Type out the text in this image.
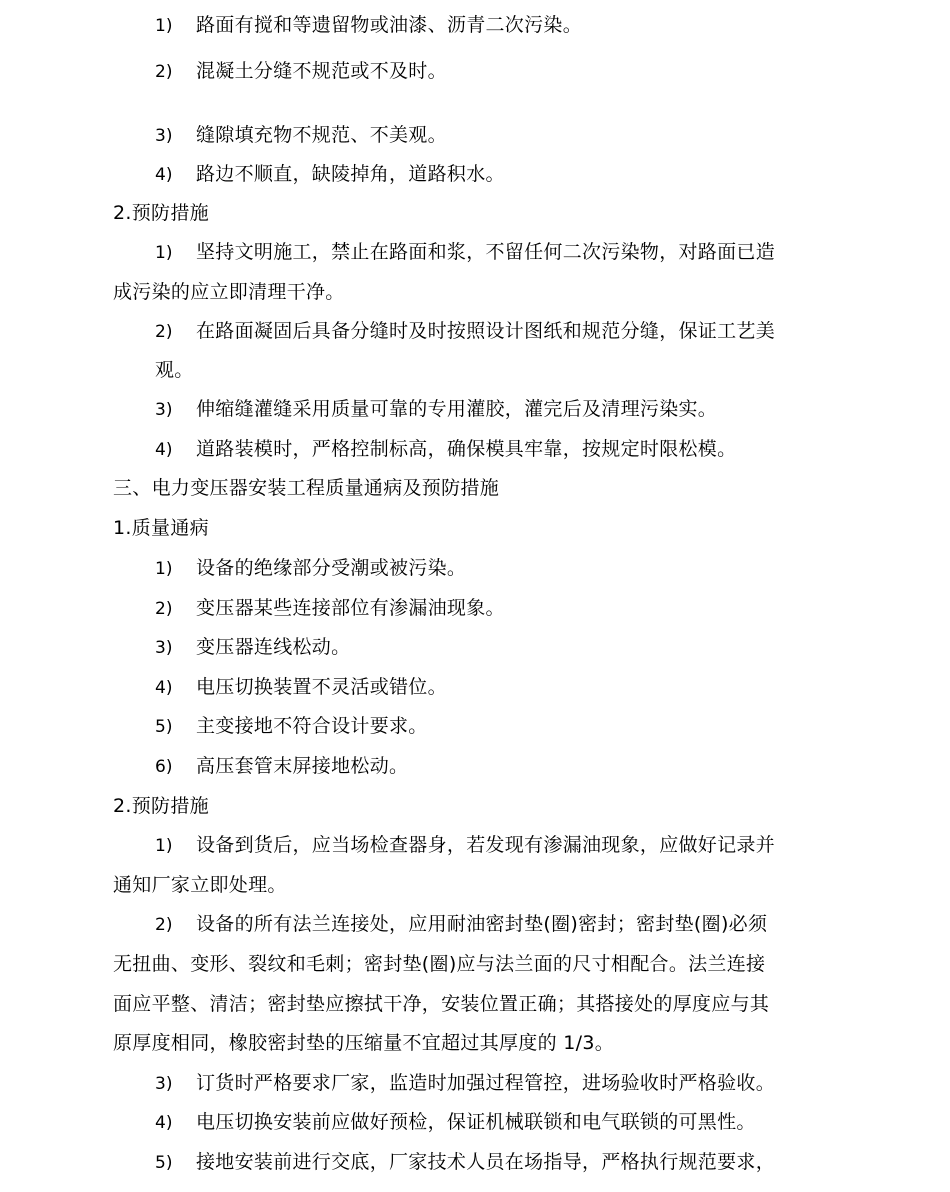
1) 路面有搅和等遗留物或油漆、沥青二次污染。
2) 混凝土分缝不规范或不及时。
3) 缝隙填充物不规范、不美观。
4) 路边不顺直，缺陵掉角，道路积水。
2.预防措施
1) 坚持文明施工，禁止在路面和浆，不留任何二次污染物，对路面已造
成污染的应立即清理干净。
2) 在路面凝固后具备分缝时及时按照设计图纸和规范分缝，保证工艺美
观。
3) 伸缩缝灌缝采用质量可靠的专用灌胶，灌完后及清理污染实。
4) 道路装模时，严格控制标高，确保模具牢靠，按规定时限松模。
三、电力变压器安装工程质量通病及预防措施
1.质量通病
1) 设备的绝缘部分受潮或被污染。
2) 变压器某些连接部位有渗漏油现象。
3) 变压器连线松动。
4) 电压切换装置不灵活或错位。
5) 主变接地不符合设计要求。
6) 高压套管末屏接地松动。
2.预防措施
1) 设备到货后，应当场检查器身，若发现有渗漏油现象，应做好记录并
通知厂家立即处理。
2) 设备的所有法兰连接处，应用耐油密封垫(圈)密封；密封垫(圈)必须
无扭曲、变形、裂纹和毛刺；密封垫(圈)应与法兰面的尺寸相配合。法兰连接
面应平整、清洁；密封垫应擦拭干净，安装位置正确；其搭接处的厚度应与其
原厚度相同，橡胶密封垫的压缩量不宜超过其厚度的 1/3。
3) 订货时严格要求厂家，监造时加强过程管控，进场验收时严格验收。
4) 电压切换安装前应做好预检，保证机械联锁和电气联锁的可黑性。
5) 接地安装前进行交底，厂家技术人员在场指导，严格执行规范要求，
